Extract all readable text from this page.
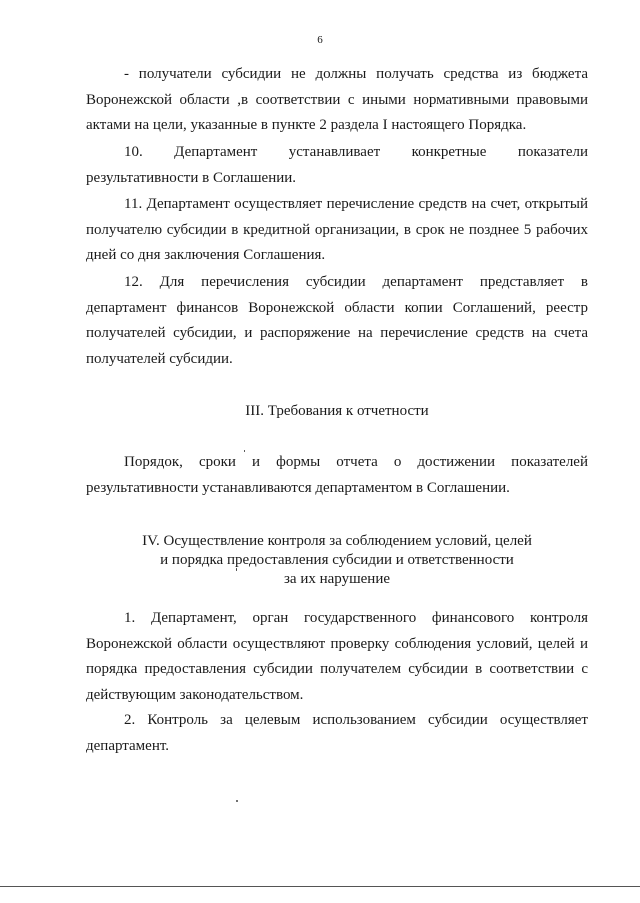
6
- получатели субсидии не должны получать средства из бюджета Воронежской области ,в соответствии с иными нормативными правовыми актами на цели, указанные в пункте 2 раздела I настоящего Порядка.
10. Департамент устанавливает конкретные показатели результативности в Соглашении.
11. Департамент осуществляет перечисление средств на счет, открытый получателю субсидии в кредитной организации, в срок не позднее 5 рабочих дней со дня заключения Соглашения.
12. Для перечисления субсидии департамент представляет в департамент финансов Воронежской области копии Соглашений, реестр получателей субсидии, и распоряжение на перечисление средств на счета получателей субсидии.
III. Требования к отчетности
Порядок, сроки и формы отчета о достижении показателей результативности устанавливаются департаментом в Соглашении.
IV. Осуществление контроля за соблюдением условий, целей
и порядка предоставления субсидии и ответственности
за их нарушение
1. Департамент, орган государственного финансового контроля Воронежской области осуществляют проверку соблюдения условий, целей и порядка предоставления субсидии получателем субсидии в соответствии с действующим законодательством.
2. Контроль за целевым использованием субсидии осуществляет департамент.
